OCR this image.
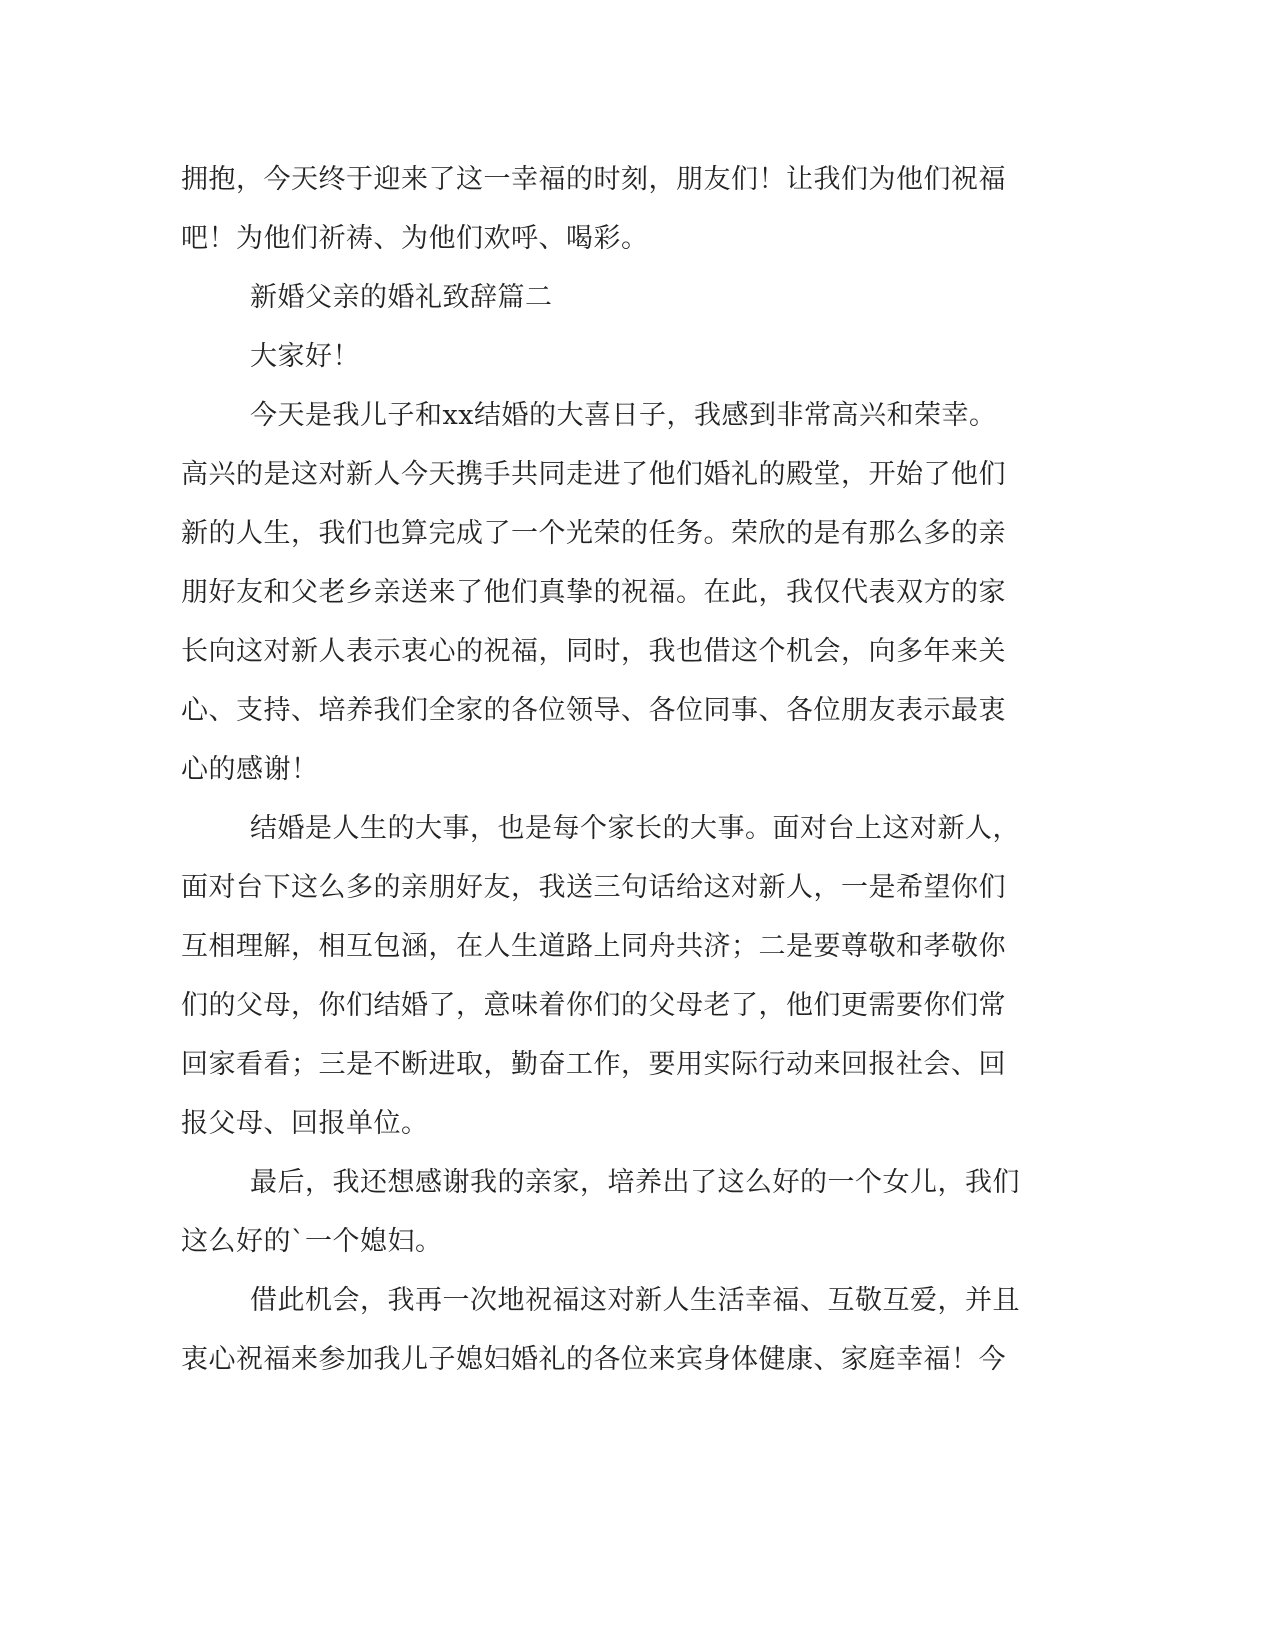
拥抱，今天终于迎来了这一幸福的时刻，朋友们！让我们为他们祝福

吧！为他们祈祷、为他们欢呼、喝彩。

新婚父亲的婚礼致辞篇二

大家好！

今天是我儿子和xx结婚的大喜日子，我感到非常高兴和荣幸。

高兴的是这对新人今天携手共同走进了他们婚礼的殿堂，开始了他们

新的人生，我们也算完成了一个光荣的任务。荣欣的是有那么多的亲

朋好友和父老乡亲送来了他们真挚的祝福。在此，我仅代表双方的家

长向这对新人表示衷心的祝福，同时，我也借这个机会，向多年来关

心、支持、培养我们全家的各位领导、各位同事、各位朋友表示最衷

心的感谢！

结婚是人生的大事，也是每个家长的大事。面对台上这对新人，

面对台下这么多的亲朋好友，我送三句话给这对新人，一是希望你们

互相理解，相互包涵，在人生道路上同舟共济；二是要尊敬和孝敬你

们的父母，你们结婚了，意味着你们的父母老了，他们更需要你们常

回家看看；三是不断进取，勤奋工作，要用实际行动来回报社会、回

报父母、回报单位。

最后，我还想感谢我的亲家，培养出了这么好的一个女儿，我们

这么好的`一个媳妇。

借此机会，我再一次地祝福这对新人生活幸福、互敬互爱，并且

衷心祝福来参加我儿子媳妇婚礼的各位来宾身体健康、家庭幸福！今
